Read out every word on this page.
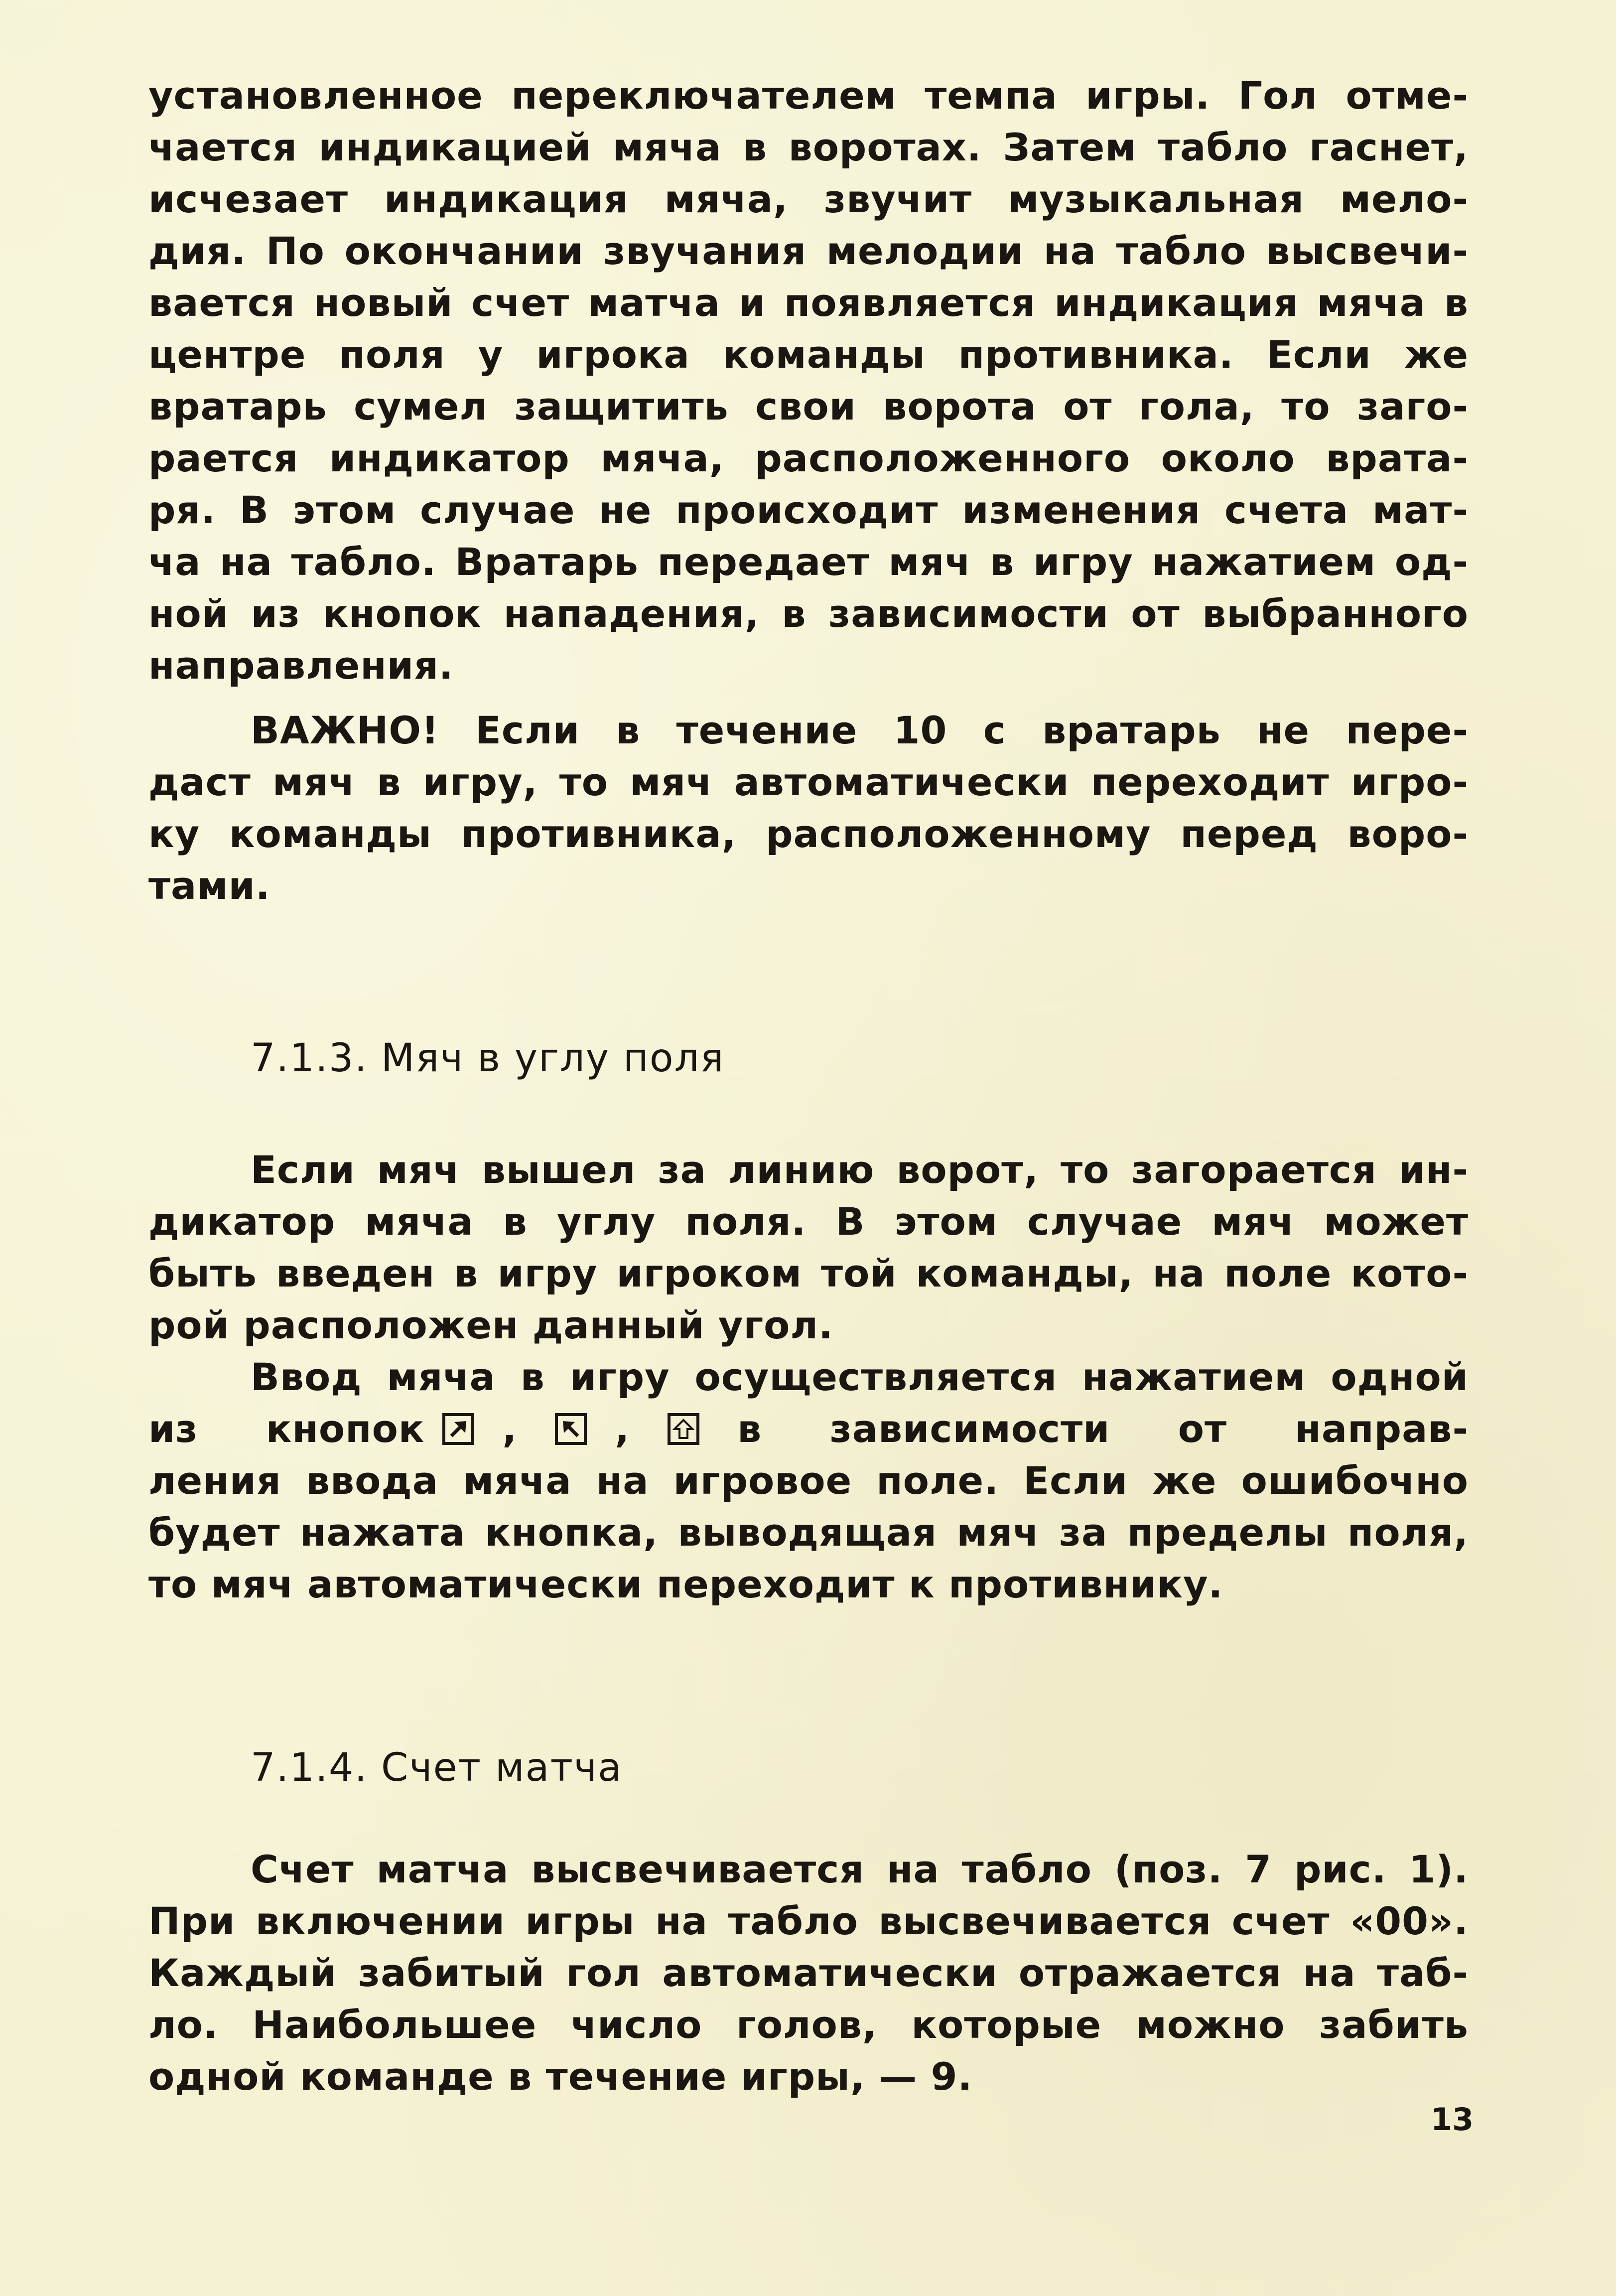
установленное переключателем темпа игры. Гол отме-
чается индикацией мяча в воротах. Затем табло гаснет,
исчезает индикация мяча, звучит музыкальная мело-
дия. По окончании звучания мелодии на табло высвечи-
вается новый счет матча и появляется индикация мяча в
центре поля у игрока команды противника. Если же
вратарь сумел защитить свои ворота от гола, то заго-
рается индикатор мяча, расположенного около врата-
ря. В этом случае не происходит изменения счета мат-
ча на табло. Вратарь передает мяч в игру нажатием од-
ной из кнопок нападения, в зависимости от выбранного
направления.
ВАЖНО! Если в течение 10 с вратарь не пере-
даст мяч в игру, то мяч автоматически переходит игро-
ку команды противника, расположенному перед воро-
тами.
7.1.3. Мяч в углу поля
Если мяч вышел за линию ворот, то загорается ин-
дикатор мяча в углу поля. В этом случае мяч может
быть введен в игру игроком той команды, на поле кото-
рой расположен данный угол.
Ввод мяча в игру осуществляется нажатием одной
из кнопок ,	,	в зависимости от направ-
ления ввода мяча на игровое поле. Если же ошибочно
будет нажата кнопка, выводящая мяч за пределы поля,
то мяч автоматически переходит к противнику.
7.1.4. Счет матча
Счет матча высвечивается на табло (поз. 7 рис. 1).
При включении игры на табло высвечивается счет «00».
Каждый забитый гол автоматически отражается на таб-
ло. Наибольшее число голов, которые можно забить
одной команде в течение игры, — 9.
13
